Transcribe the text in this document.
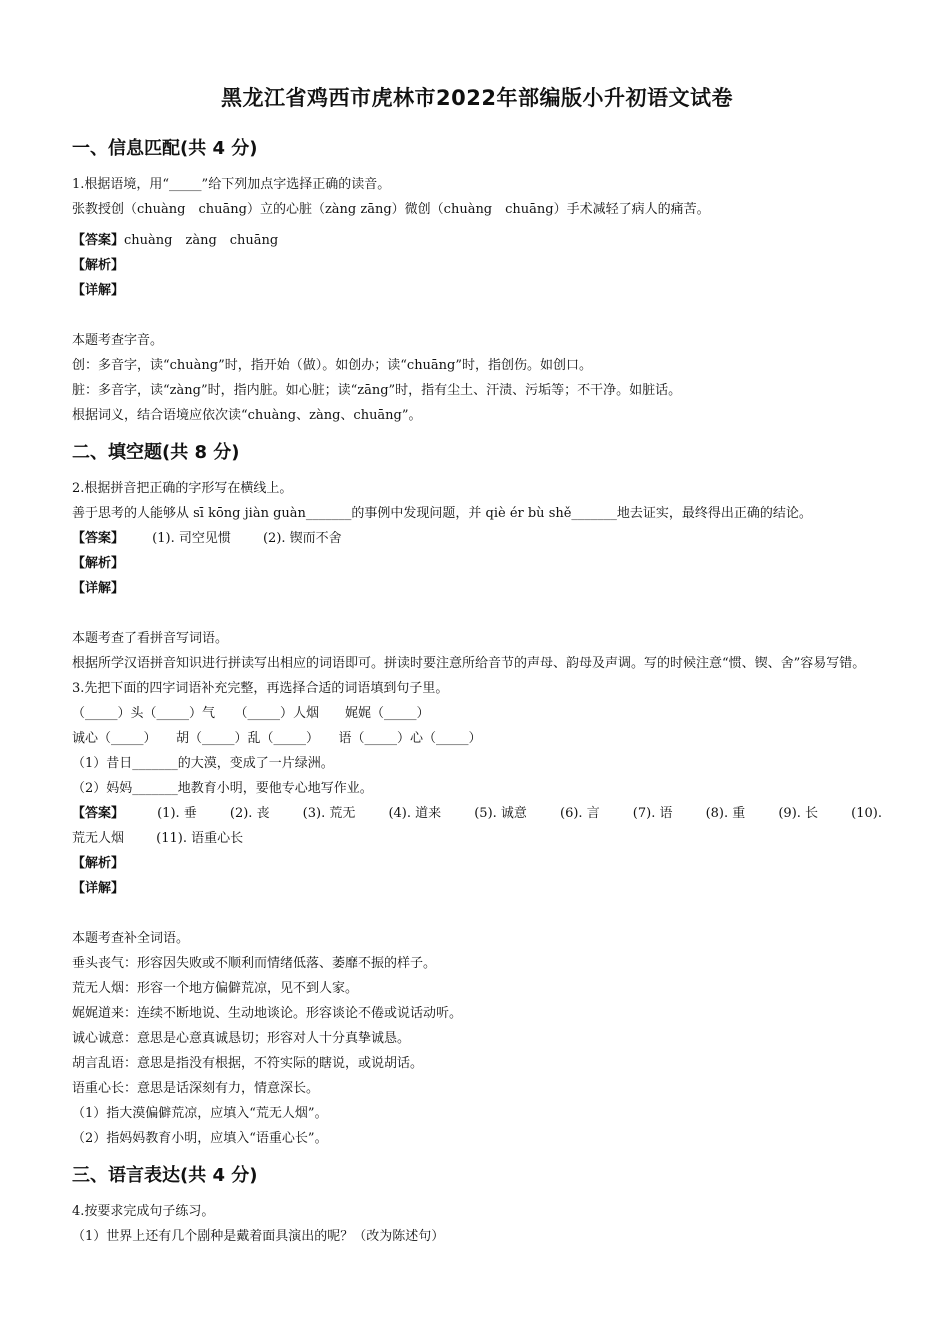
黑龙江省鸡西市虎林市2022年部编版小升初语文试卷
一、信息匹配(共 4 分)

1.根据语境，用“_____”给下列加点字选择正确的读音。

张教授创（chuàng　chuāng）立的心脏（zàng zāng）微创（chuàng　chuāng）手术减轻了病人的痛苦。

【答案】chuàng　zàng　chuāng

【解析】

【详解】

本题考查字音。

创：多音字，读“chuàng”时，指开始（做）。如创办；读“chuāng”时，指创伤。如创口。

脏：多音字，读“zàng”时，指内脏。如心脏；读“zāng”时，指有尘土、汗渍、污垢等；不干净。如脏话。

根据词义，结合语境应依次读“chuàng、zàng、chuāng”。

二、填空题(共 8 分)

2.根据拼音把正确的字形写在横线上。

善于思考的人能够从 sī kōng jiàn guàn_______的事例中发现问题，并 qiè ér bù shě_______地去证实，最终得出正确的结论。

【答案】 (1). 司空见惯 (2). 锲而不舍

【解析】

【详解】

本题考查了看拼音写词语。

根据所学汉语拼音知识进行拼读写出相应的词语即可。拼读时要注意所给音节的声母、韵母及声调。写的时候注意“惯、锲、舍”容易写错。

3.先把下面的四字词语补充完整，再选择合适的词语填到句子里。

（_____）头（_____）气　　（_____）人烟　　娓娓（_____）

诚心（_____）　　胡（_____）乱（_____）　　语（_____）心（_____）

（1）昔日_______的大漠，变成了一片绿洲。

（2）妈妈_______地教育小明，要他专心地写作业。

【答案】	(1). 垂	(2). 丧	(3). 荒无	(4). 道来	(5). 诚意	(6). 言	(7). 语	(8). 重	(9). 长	(10).

荒无人烟 (11). 语重心长

【解析】

【详解】

本题考查补全词语。

垂头丧气：形容因失败或不顺利而情绪低落、萎靡不振的样子。

荒无人烟：形容一个地方偏僻荒凉，见不到人家。

娓娓道来：连续不断地说、生动地谈论。形容谈论不倦或说话动听。

诚心诚意：意思是心意真诚恳切；形容对人十分真挚诚恳。

胡言乱语：意思是指没有根据，不符实际的瞎说，或说胡话。

语重心长：意思是话深刻有力，情意深长。

（1）指大漠偏僻荒凉，应填入“荒无人烟”。

（2）指妈妈教育小明，应填入“语重心长”。

三、语言表达(共 4 分)

4.按要求完成句子练习。

（1）世界上还有几个剧种是戴着面具演出的呢？（改为陈述句）
